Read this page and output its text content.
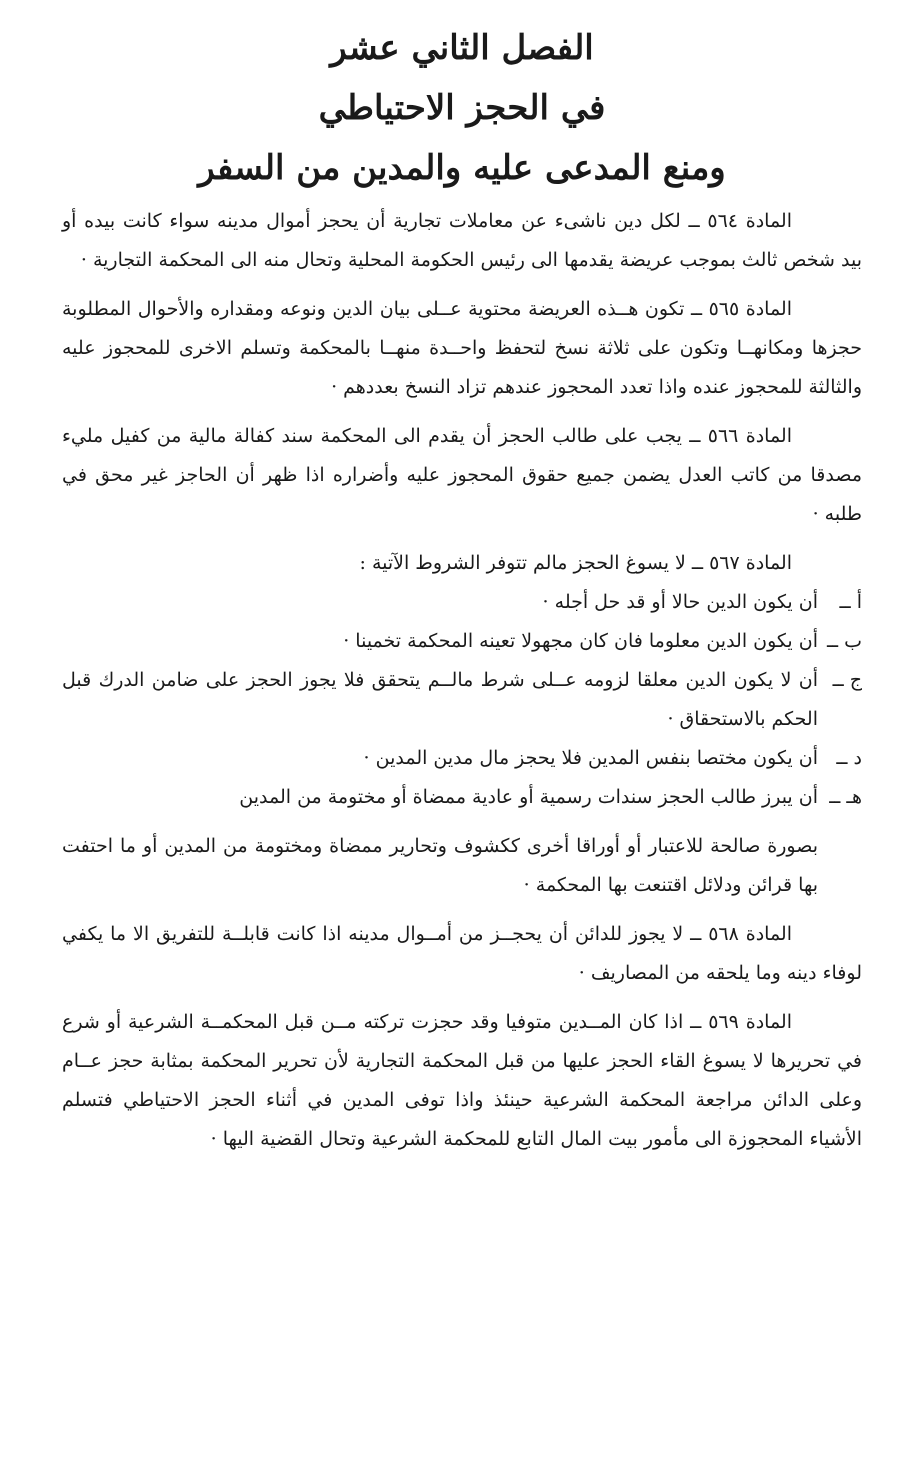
الفصل الثاني عشر
في الحجز الاحتياطي
ومنع المدعى عليه والمدين من السفر

المادة ٥٦٤ ــ لكل دين ناشىء عن معاملات تجارية أن يحجز أموال مدينه سواء كانت بيده أو بيد شخص ثالث بموجب عريضة يقدمها الى رئيس الحكومة المحلية وتحال منه الى المحكمة التجارية ·

المادة ٥٦٥ ــ تكون هــذه العريضة محتوية عــلى بيان الدين ونوعه ومقداره والأحوال المطلوبة حجزها ومكانهــا وتكون على ثلاثة نسخ لتحفظ واحــدة منهــا بالمحكمة وتسلم الاخرى للمحجوز عليه والثالثة للمحجوز عنده واذا تعدد المحجوز عندهم تزاد النسخ بعددهم ·

المادة ٥٦٦ ــ يجب على طالب الحجز أن يقدم الى المحكمة سند كفالة مالية من كفيل مليء مصدقا من كاتب العدل يضمن جميع حقوق المحجوز عليه وأضراره اذا ظهر أن الحاجز غير محق في طلبه ·

المادة ٥٦٧ ــ لا يسوغ الحجز مالم تتوفر الشروط الآتية :

أ ــ
أن يكون الدين حالا أو قد حل أجله ·
ب ــ
أن يكون الدين معلوما فان كان مجهولا تعينه المحكمة تخمينا ·
ج ــ
أن لا يكون الدين معلقا لزومه عــلى شرط مالــم يتحقق فلا يجوز الحجز على ضامن الدرك قبل الحكم بالاستحقاق ·
د ــ
أن يكون مختصا بنفس المدين فلا يحجز مال مدين المدين ·
هـ ــ
أن يبرز طالب الحجز سندات رسمية أو عادية ممضاة أو مختومة من المدين

بصورة صالحة للاعتبار أو أوراقا أخرى ككشوف وتحارير ممضاة ومختومة من المدين أو ما احتفت بها قرائن ودلائل اقتنعت بها المحكمة ·

المادة ٥٦٨ ــ لا يجوز للدائن أن يحجــز من أمــوال مدينه اذا كانت قابلــة للتفريق الا ما يكفي لوفاء دينه وما يلحقه من المصاريف ·

المادة ٥٦٩ ــ اذا كان المــدين متوفيا وقد حجزت تركته مــن قبل المحكمــة الشرعية أو شرع في تحريرها لا يسوغ القاء الحجز عليها من قبل المحكمة التجارية لأن تحرير المحكمة بمثابة حجز عــام وعلى الدائن مراجعة المحكمة الشرعية حينئذ واذا توفى المدين في أثناء الحجز الاحتياطي فتسلم الأشياء المحجوزة الى مأمور بيت المال التابع للمحكمة الشرعية وتحال القضية اليها ·
